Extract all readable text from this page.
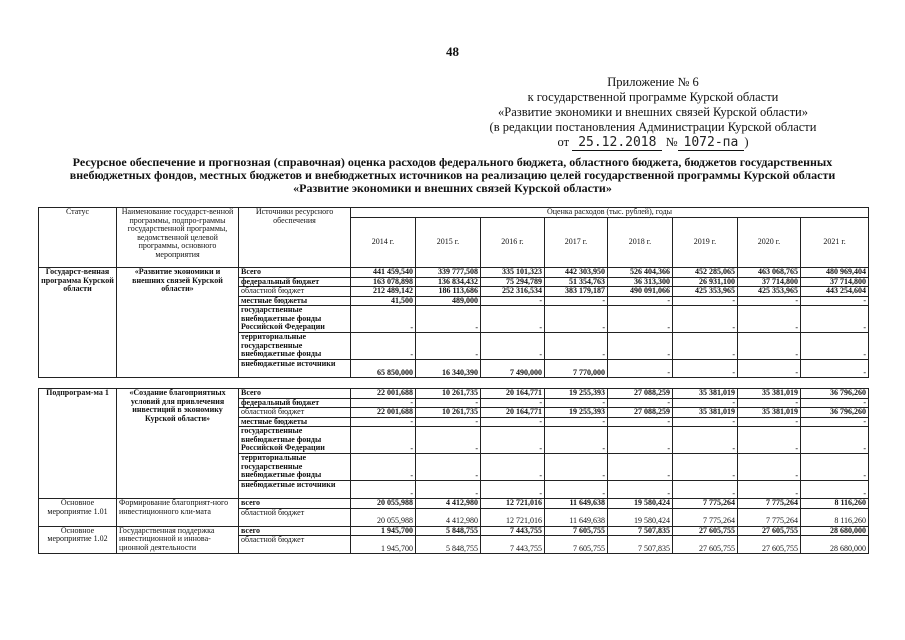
48
Приложение № 6
к государственной программе Курской области
«Развитие экономики и внешних связей Курской области»
(в редакции постановления Администрации Курской области
от 25.12.2018 № 1072-па )
Ресурсное обеспечение и прогнозная (справочная) оценка расходов федерального бюджета, областного бюджета, бюджетов государственных внебюджетных фондов, местных бюджетов и внебюджетных источников на реализацию целей государственной программы Курской области «Развитие экономики и внешних связей Курской области»
Статус	Наименование государст-венной программы, подпро-граммы государственной программы, ведомственной целевой программы, основного мероприятия	Источники ресурсного обеспечения	Оценка расходов (тыс. рублей), годы							
			2014 г.	2015 г.	2016 г.	2017 г.	2018 г.	2019 г.	2020 г.	2021 г.
Государст-венная программа Курской области	«Развитие экономики и внешних связей Курской области»	Всего	441 459,540	339 777,508	335 101,323	442 303,950	526 404,366	452 285,065	463 068,765	480 969,404
		федеральный бюджет	163 078,898	136 834,432	75 294,789	51 354,763	36 313,300	26 931,100	37 714,800	37 714,800
		областной бюджет	212 489,142	186 113,686	252 316,534	383 179,187	490 091,066	425 353,965	425 353,965	443 254,604
		местные бюджеты	41,500	489,000	-	-	-	-	-	-
		государственные внебюджетные фонды Российской Федерации	-	-	-	-	-	-	-	-
		территориальные государственные внебюджетные фонды	-	-	-	-	-	-	-	-
		внебюджетные источники	65 850,000	16 340,390	7 490,000	7 770,000	-	-	-	-

Подпрограм-ма 1	«Создание благоприятных условий для привлечения инвестиций в экономику Курской области»	Всего	22 001,688	10 261,735	20 164,771	19 255,393	27 088,259	35 381,019	35 381,019	36 796,260
		федеральный бюджет	-	-	-	-	-	-	-	-
		областной бюджет	22 001,688	10 261,735	20 164,771	19 255,393	27 088,259	35 381,019	35 381,019	36 796,260
		местные бюджеты	-	-	-	-	-	-	-	-
		государственные внебюджетные фонды Российской Федерации	-	-	-	-	-	-	-	-
		территориальные государственные внебюджетные фонды	-	-	-	-	-	-	-	-
		внебюджетные источники	-	-	-	-	-	-	-	-
Основное мероприятие 1.01	Формирование благоприят-ного инвестиционного кли-мата	всего	20 055,988	4 412,980	12 721,016	11 649,638	19 580,424	7 775,264	7 775,264	8 116,260
		областной бюджет	20 055,988	4 412,980	12 721,016	11 649,638	19 580,424	7 775,264	7 775,264	8 116,260
Основное мероприятие 1.02	Государственная поддержка инвестиционной и иннова-ционной деятельности	всего	1 945,700	5 848,755	7 443,755	7 605,755	7 507,835	27 605,755	27 605,755	28 680,000
		областной бюджет	1 945,700	5 848,755	7 443,755	7 605,755	7 507,835	27 605,755	27 605,755	28 680,000
